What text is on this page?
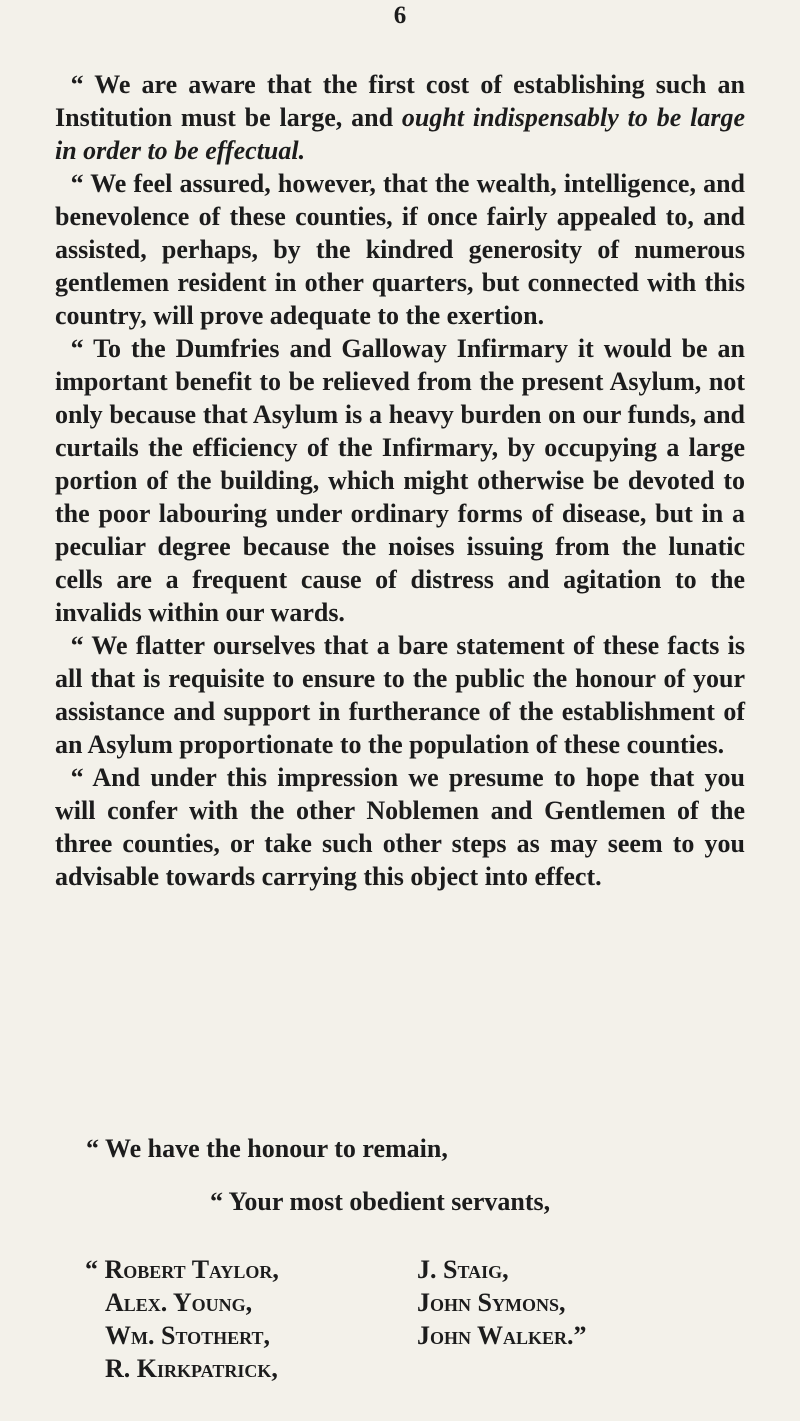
6

“ We are aware that the first cost of establishing such an Institution must be large, and ought indispensably to be large in order to be effectual.

“ We feel assured, however, that the wealth, intelligence, and benevolence of these counties, if once fairly appealed to, and assisted, perhaps, by the kindred generosity of numerous gentlemen resident in other quarters, but connected with this country, will prove adequate to the exertion.

“ To the Dumfries and Galloway Infirmary it would be an important benefit to be relieved from the present Asylum, not only because that Asylum is a heavy burden on our funds, and curtails the efficiency of the Infirmary, by occupying a large portion of the building, which might otherwise be devoted to the poor labouring under ordinary forms of disease, but in a peculiar degree because the noises issuing from the lunatic cells are a frequent cause of distress and agitation to the invalids within our wards.

“ We flatter ourselves that a bare statement of these facts is all that is requisite to ensure to the public the honour of your assistance and support in furtherance of the establishment of an Asylum proportionate to the population of these counties.

“ And under this impression we presume to hope that you will confer with the other Noblemen and Gentlemen of the three counties, or take such other steps as may seem to you advisable towards carrying this object into effect.

“ We have the honour to remain,

“ Your most obedient servants,

“ Robert Taylor,	J. Staig,
Alex. Young,	John Symons,
Wm. Stothert,	John Walker.”
R. Kirkpatrick,
